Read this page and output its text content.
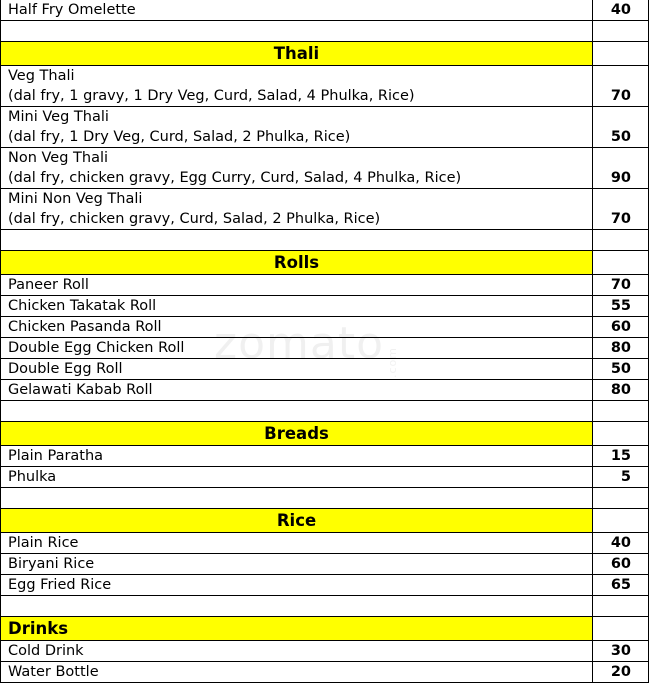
Half Fry Omelette	40

Thali	
Veg Thali
(dal fry, 1 gravy, 1 Dry Veg, Curd, Salad, 4 Phulka, Rice)	70
Mini Veg Thali
(dal fry, 1 Dry Veg, Curd, Salad, 2 Phulka, Rice)	50
Non Veg Thali
(dal fry, chicken gravy, Egg Curry, Curd, Salad, 4 Phulka, Rice)	90
Mini Non Veg Thali
(dal fry, chicken gravy, Curd, Salad, 2 Phulka, Rice)	70

Rolls	
Paneer Roll	70
Chicken Takatak Roll	55
Chicken Pasanda Roll	60
Double Egg Chicken Roll	80
Double Egg Roll	50
Gelawati Kabab Roll	80

Breads	
Plain Paratha	15
Phulka	5

Rice	
Plain Rice	40
Biryani Rice	60
Egg Fried Rice	65

Drinks	
Cold Drink	30
Water Bottle	20
zomato .com
